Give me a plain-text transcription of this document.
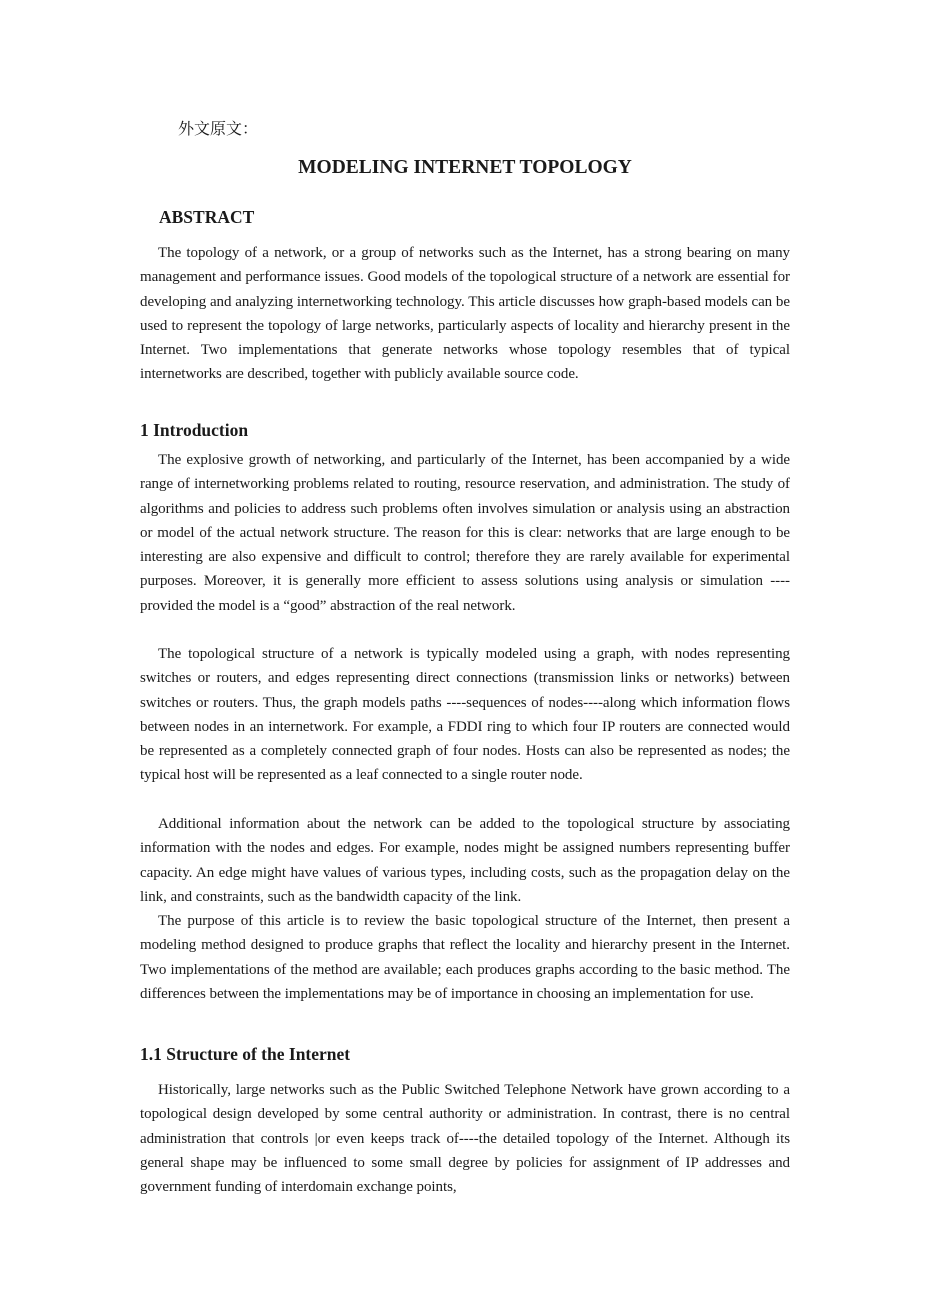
外文原文：
MODELING INTERNET TOPOLOGY
ABSTRACT

The topology of a network, or a group of networks such as the Internet, has a strong bearing on many management and performance issues. Good models of the topological structure of a network are essential for developing and analyzing internetworking technology. This article discusses how graph-based models can be used to represent the topology of large networks, particularly aspects of locality and hierarchy present in the Internet. Two implementations that generate networks whose topology resembles that of typical internetworks are described, together with publicly available source code.

1 Introduction

The explosive growth of networking, and particularly of the Internet, has been accompanied by a wide range of internetworking problems related to routing, resource reservation, and administration. The study of algorithms and policies to address such problems often involves simulation or analysis using an abstraction or model of the actual network structure. The reason for this is clear: networks that are large enough to be interesting are also expensive and difficult to control; therefore they are rarely available for experimental purposes. Moreover, it is generally more efficient to assess solutions using analysis or simulation ---- provided the model is a “good” abstraction of the real network.

The topological structure of a network is typically modeled using a graph, with nodes representing switches or routers, and edges representing direct connections (transmission links or networks) between switches or routers. Thus, the graph models paths ----sequences of nodes----along which information flows between nodes in an internetwork. For example, a FDDI ring to which four IP routers are connected would be represented as a completely connected graph of four nodes. Hosts can also be represented as nodes; the typical host will be represented as a leaf connected to a single router node.

Additional information about the network can be added to the topological structure by associating information with the nodes and edges. For example, nodes might be assigned numbers representing buffer capacity. An edge might have values of various types, including costs, such as the propagation delay on the link, and constraints, such as the bandwidth capacity of the link.

The purpose of this article is to review the basic topological structure of the Internet, then present a modeling method designed to produce graphs that reflect the locality and hierarchy present in the Internet. Two implementations of the method are available; each produces graphs according to the basic method. The differences between the implementations may be of importance in choosing an implementation for use.

1.1 Structure of the Internet

Historically, large networks such as the Public Switched Telephone Network have grown according to a topological design developed by some central authority or administration. In contrast, there is no central administration that controls |or even keeps track of----the detailed topology of the Internet. Although its general shape may be influenced to some small degree by policies for assignment of IP addresses and government funding of interdomain exchange points,
